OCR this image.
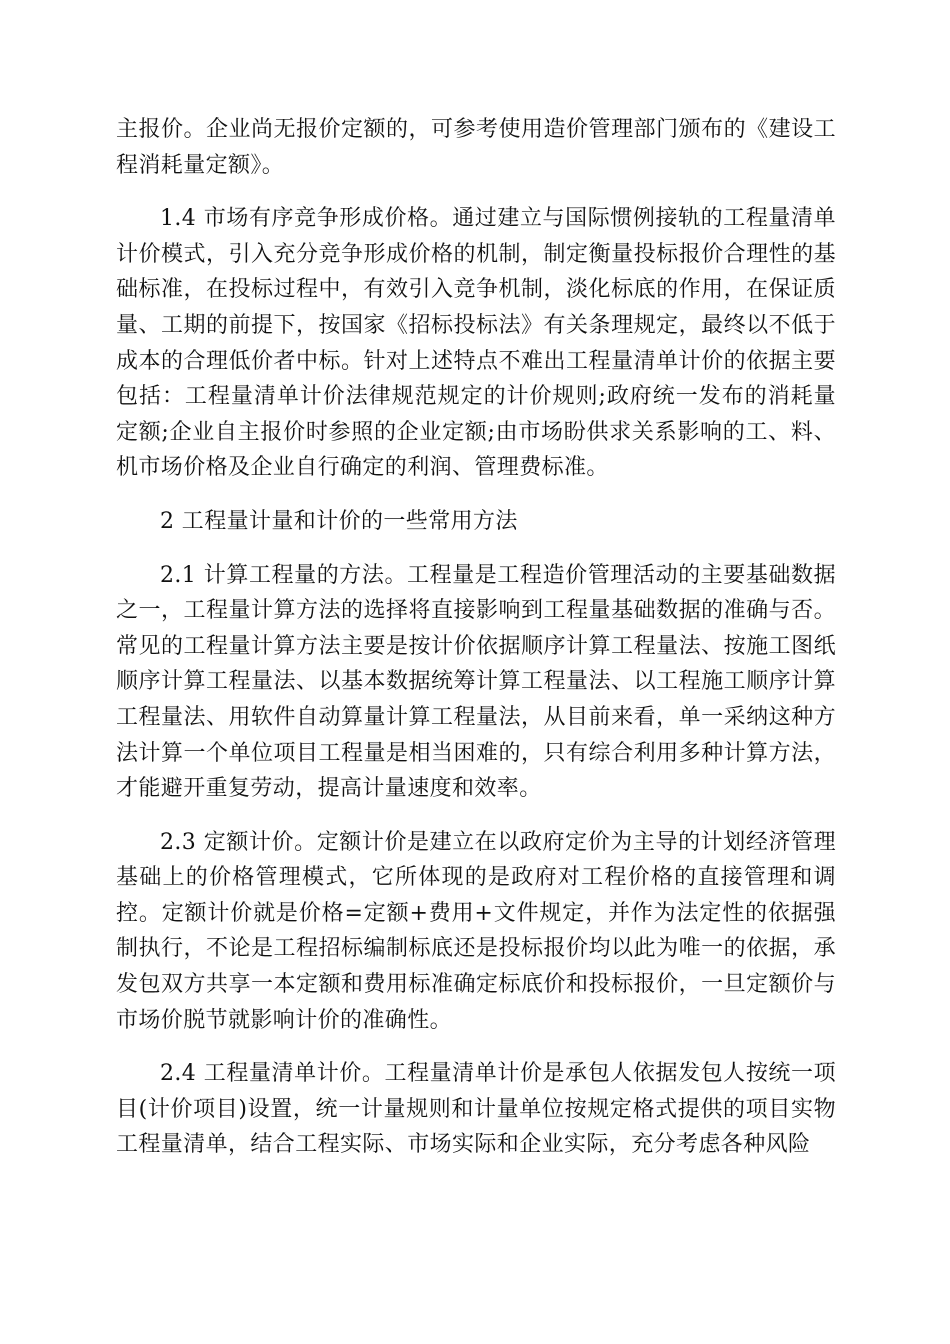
主报价。企业尚无报价定额的，可参考使用造价管理部门颁布的《建设工程消耗量定额》。

1.4 市场有序竞争形成价格。通过建立与国际惯例接轨的工程量清单计价模式，引入充分竞争形成价格的机制，制定衡量投标报价合理性的基础标准，在投标过程中，有效引入竞争机制，淡化标底的作用，在保证质量、工期的前提下，按国家《招标投标法》有关条理规定，最终以不低于成本的合理低价者中标。针对上述特点不难出工程量清单计价的依据主要包括：工程量清单计价法律规范规定的计价规则;政府统一发布的消耗量定额;企业自主报价时参照的企业定额;由市场盼供求关系影响的工、料、机市场价格及企业自行确定的利润、管理费标准。

2 工程量计量和计价的一些常用方法

2.1 计算工程量的方法。工程量是工程造价管理活动的主要基础数据之一，工程量计算方法的选择将直接影响到工程量基础数据的准确与否。常见的工程量计算方法主要是按计价依据顺序计算工程量法、按施工图纸顺序计算工程量法、以基本数据统筹计算工程量法、以工程施工顺序计算工程量法、用软件自动算量计算工程量法，从目前来看，单一采纳这种方法计算一个单位项目工程量是相当困难的，只有综合利用多种计算方法，才能避开重复劳动，提高计量速度和效率。

2.3 定额计价。定额计价是建立在以政府定价为主导的计划经济管理基础上的价格管理模式，它所体现的是政府对工程价格的直接管理和调控。定额计价就是价格=定额+费用+文件规定，并作为法定性的依据强制执行，不论是工程招标编制标底还是投标报价均以此为唯一的依据，承发包双方共享一本定额和费用标准确定标底价和投标报价，一旦定额价与市场价脱节就影响计价的准确性。

2.4 工程量清单计价。工程量清单计价是承包人依据发包人按统一项目(计价项目)设置，统一计量规则和计量单位按规定格式提供的项目实物工程量清单，结合工程实际、市场实际和企业实际，充分考虑各种风险
